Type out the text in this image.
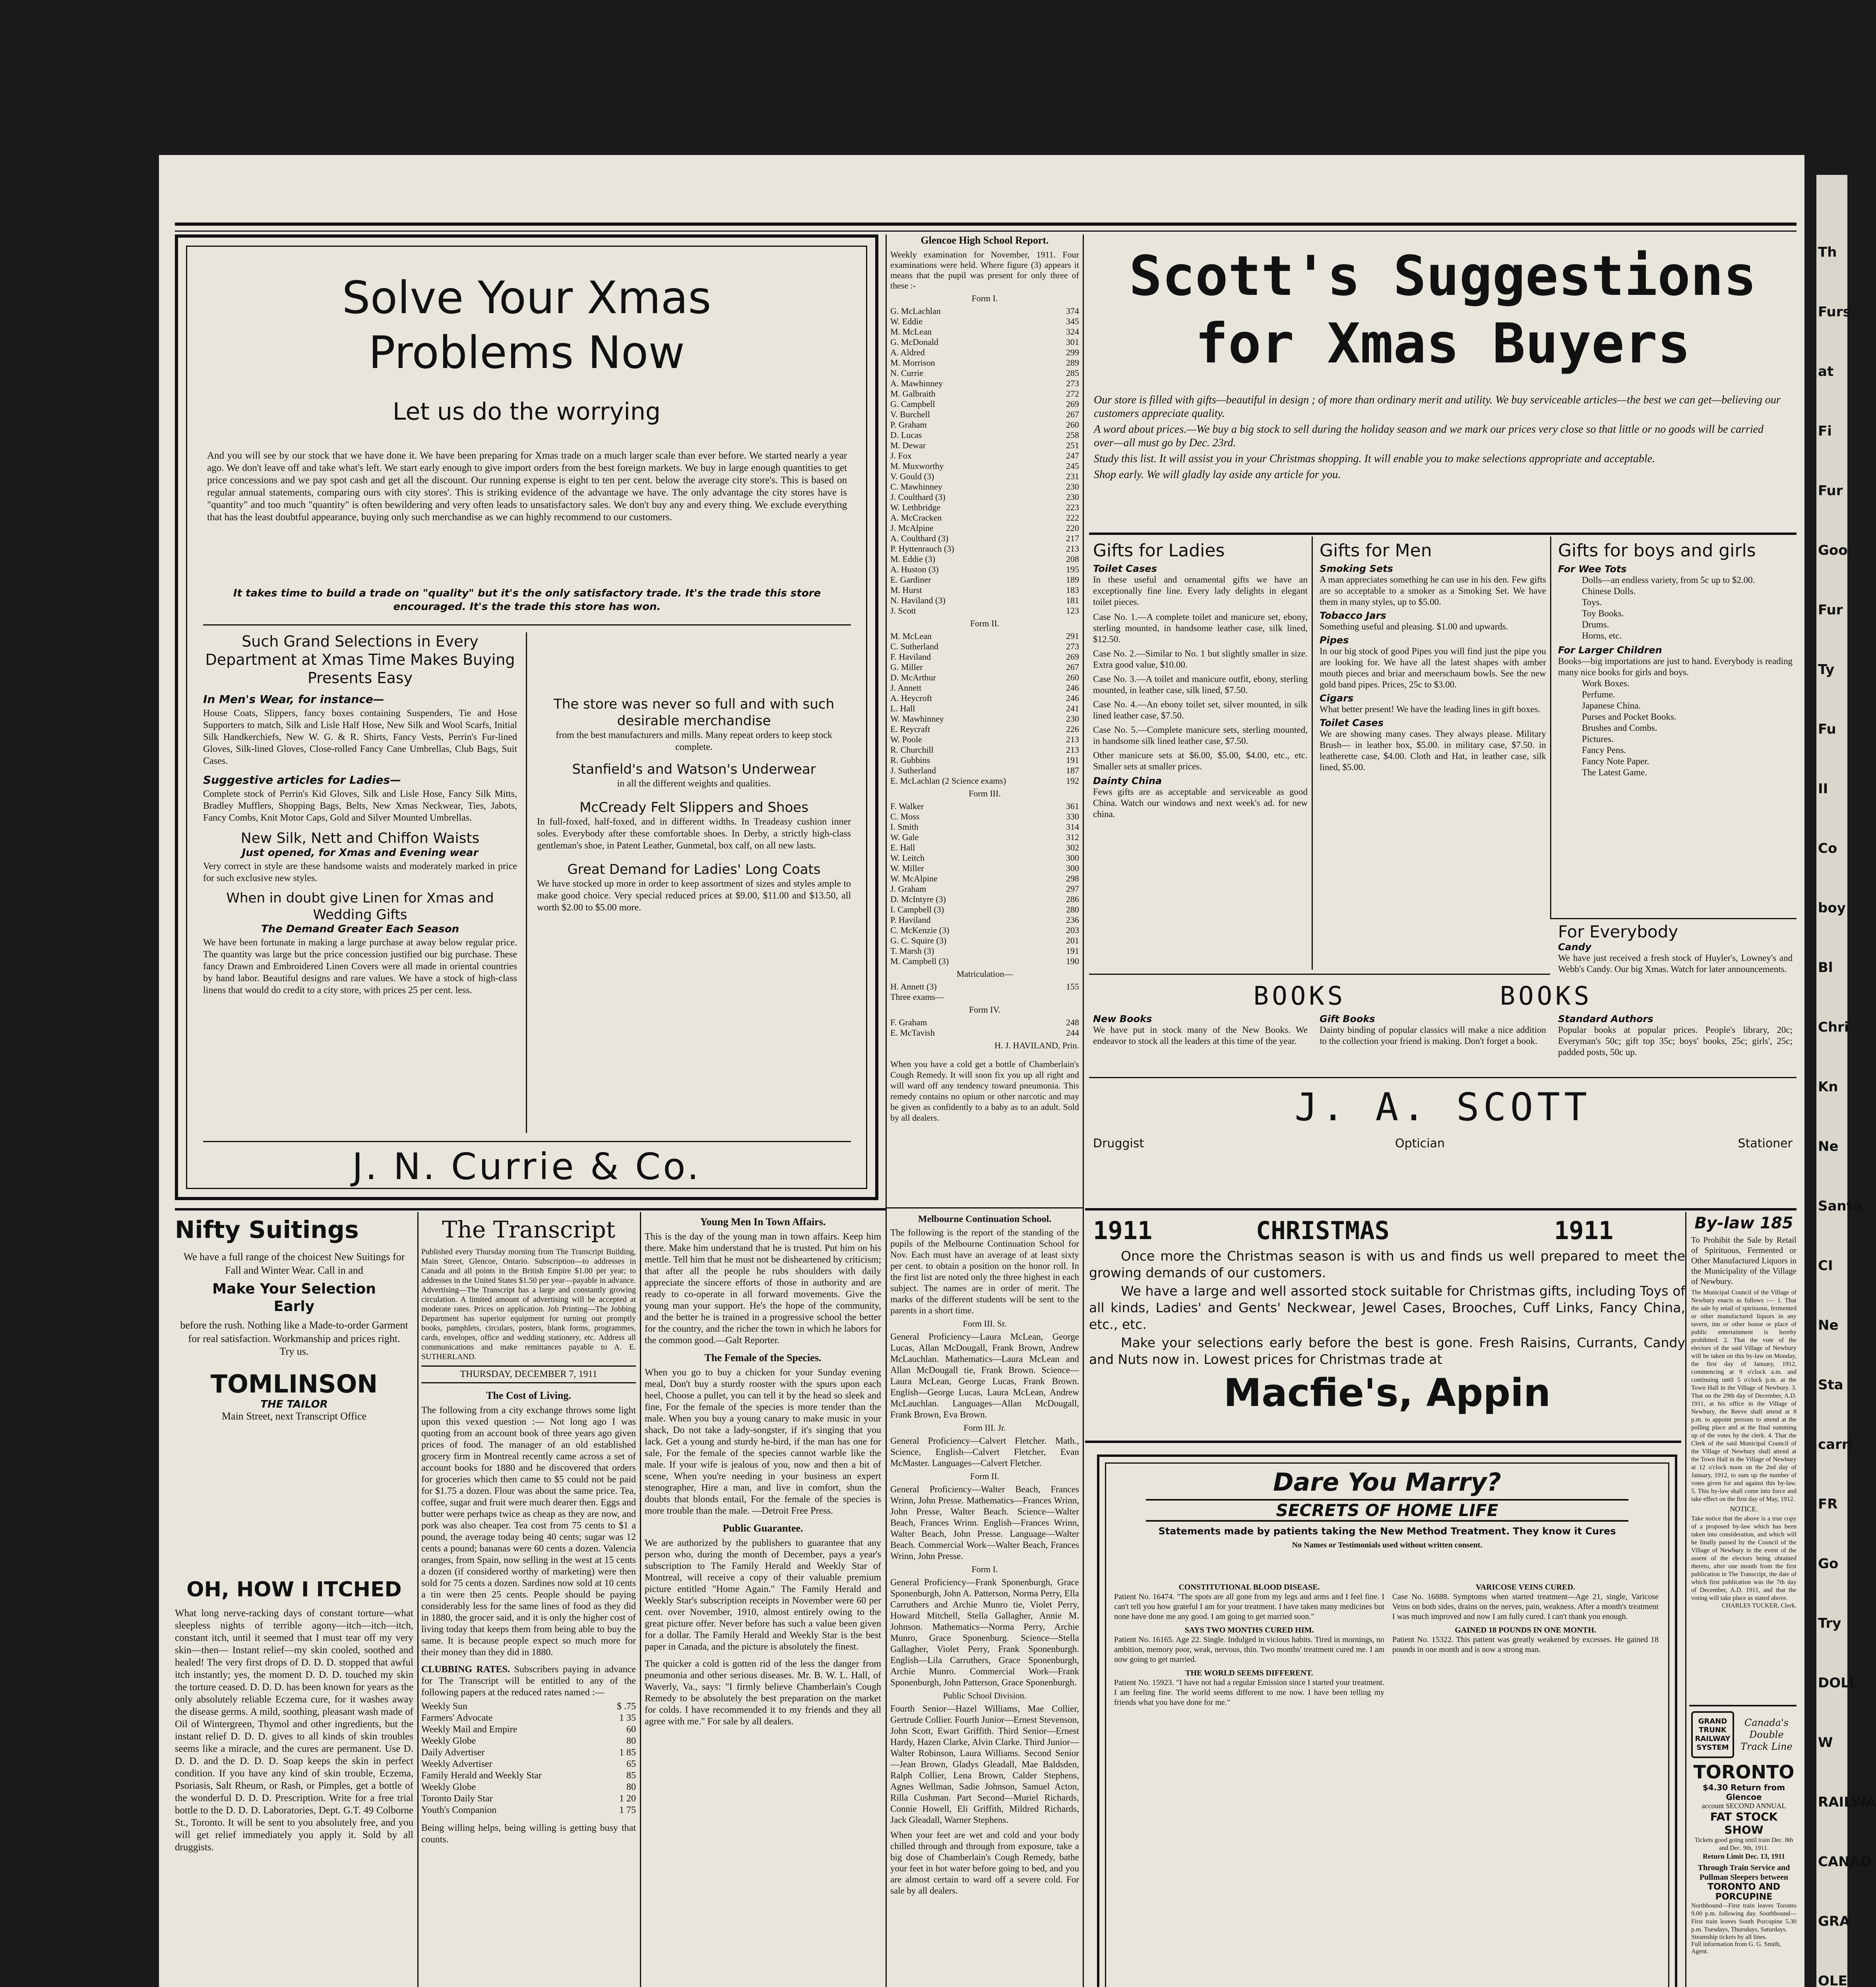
Solve Your Xmas
Problems Now
Let us do the worrying
And you will see by our stock that we have done it. We have been preparing for Xmas trade on a much larger scale than ever before. We started nearly a year ago. We don't leave off and take what's left. We start early enough to give import orders from the best foreign markets. We buy in large enough quantities to get price concessions and we pay spot cash and get all the discount. Our running expense is eight to ten per cent. below the average city store's. This is based on regular annual statements, comparing ours with city stores'. This is striking evidence of the advantage we have. The only advantage the city stores have is "quantity" and too much "quantity" is often bewildering and very often leads to unsatisfactory sales. We don't buy any and every thing. We exclude everything that has the least doubtful appearance, buying only such merchandise as we can highly recommend to our customers.
It takes time to build a trade on "quality" but it's the only satisfactory trade. It's the trade this store encouraged. It's the trade this store has won.
Such Grand Selections in Every Department at Xmas Time Makes Buying Presents Easy
In Men's Wear, for instance—
House Coats, Slippers, fancy boxes containing Suspenders, Tie and Hose Supporters to match, Silk and Lisle Half Hose, New Silk and Wool Scarfs, Initial Silk Handkerchiefs, New W. G. & R. Shirts, Fancy Vests, Perrin's Fur-lined Gloves, Silk-lined Gloves, Close-rolled Fancy Cane Umbrellas, Club Bags, Suit Cases.
Suggestive articles for Ladies—
Complete stock of Perrin's Kid Gloves, Silk and Lisle Hose, Fancy Silk Mitts, Bradley Mufflers, Shopping Bags, Belts, New Xmas Neckwear, Ties, Jabots, Fancy Combs, Knit Motor Caps, Gold and Silver Mounted Umbrellas.
New Silk, Nett and Chiffon Waists
Just opened, for Xmas and Evening wear
Very correct in style are these handsome waists and moderately marked in price for such exclusive new styles.
When in doubt give Linen for Xmas and Wedding Gifts
The Demand Greater Each Season
We have been fortunate in making a large purchase at away below regular price. The quantity was large but the price concession justified our big purchase. These fancy Drawn and Embroidered Linen Covers were all made in oriental countries by hand labor. Beautiful designs and rare values. We have a stock of high-class linens that would do credit to a city store, with prices 25 per cent. less.
The store was never so full and with such desirable merchandise
from the best manufacturers and mills. Many repeat orders to keep stock complete.
Stanfield's and Watson's Underwear
in all the different weights and qualities.
McCready Felt Slippers and Shoes
In full-foxed, half-foxed, and in different widths. In Treadeasy cushion inner soles. Everybody after these comfortable shoes. In Derby, a strictly high-class gentleman's shoe, in Patent Leather, Gunmetal, box calf, on all new lasts.
Great Demand for Ladies' Long Coats
We have stocked up more in order to keep assortment of sizes and styles ample to make good choice. Very special reduced prices at $9.00, $11.00 and $13.50, all worth $2.00 to $5.00 more.
J. N. Currie & Co.
Glencoe High School Report.
Weekly examination for November, 1911. Four examinations were held. Where figure (3) appears it means that the pupil was present for only three of these :-
Form I.
G. McLachlan	374
W. Eddie	345
M. McLean	324
G. McDonald	301
A. Aldred	299
M. Morrison	289
N. Currie	285
A. Mawhinney	273
M. Galbraith	272
G. Campbell	269
V. Burchell	267
P. Graham	260
D. Lucas	258
M. Dewar	251
J. Fox	247
M. Muxworthy	245
V. Gould (3)	231
C. Mawhinney	230
J. Coulthard (3)	230
W. Lethbridge	223
A. McCracken	222
J. McAlpine	220
A. Coulthard (3)	217
P. Hyttenrauch (3)	213
M. Eddie (3)	208
A. Huston (3)	195
E. Gardiner	189
M. Hurst	183
N. Haviland (3)	181
J. Scott	123
Form II.
M. McLean	291
C. Sutherland	273
F. Haviland	269
G. Miller	267
D. McArthur	260
J. Annett	246
A. Heycroft	246
L. Hall	241
W. Mawhinney	230
E. Reycraft	226
W. Poole	213
R. Churchill	213
R. Gubbins	191
J. Sutherland	187
E. McLachlan (2 Science exams)	192
Form III.
F. Walker	361
C. Moss	330
I. Smith	314
W. Gale	312
E. Hall	302
W. Leitch	300
W. Miller	300
W. McAlpine	298
J. Graham	297
D. McIntyre (3)	286
I. Campbell (3)	280
P. Haviland	236
C. McKenzie (3)	203
G. C. Squire (3)	201
T. Marsh (3)	191
M. Campbell (3)	190
Matriculation—
H. Annett (3)	155
Three exams—
Form IV.
F. Graham	248
E. McTavish	244
H. J. HAVILAND, Prin.
When you have a cold get a bottle of Chamberlain's Cough Remedy. It will soon fix you up all right and will ward off any tendency toward pneumonia. This remedy contains no opium or other narcotic and may be given as confidently to a baby as to an adult. Sold by all dealers.
Scott's Suggestions
for Xmas Buyers
Our store is filled with gifts—beautiful in design ; of more than ordinary merit and utility. We buy serviceable articles—the best we can get—believing our customers appreciate quality.
A word about prices.—We buy a big stock to sell during the holiday season and we mark our prices very close so that little or no goods will be carried over—all must go by Dec. 23rd.
Study this list. It will assist you in your Christmas shopping. It will enable you to make selections appropriate and acceptable.
Shop early. We will gladly lay aside any article for you.
Gifts for Ladies
Toilet Cases
In these useful and ornamental gifts we have an exceptionally fine line. Every lady delights in elegant toilet pieces.
Case No. 1.—A complete toilet and manicure set, ebony, sterling mounted, in handsome leather case, silk lined, $12.50.
Case No. 2.—Similar to No. 1 but slightly smaller in size. Extra good value, $10.00.
Case No. 3.—A toilet and manicure outfit, ebony, sterling mounted, in leather case, silk lined, $7.50.
Case No. 4.—An ebony toilet set, silver mounted, in silk lined leather case, $7.50.
Case No. 5.—Complete manicure sets, sterling mounted, in handsome silk lined leather case, $7.50.
Other manicure sets at $6.00, $5.00, $4.00, etc., etc. Smaller sets at smaller prices.
Dainty China
Fews gifts are as acceptable and serviceable as good China. Watch our windows and next week's ad. for new china.
Gifts for Men
Smoking Sets
A man appreciates something he can use in his den. Few gifts are so acceptable to a smoker as a Smoking Set. We have them in many styles, up to $5.00.
Tobacco Jars
Something useful and pleasing. $1.00 and upwards.
Pipes
In our big stock of good Pipes you will find just the pipe you are looking for. We have all the latest shapes with amber mouth pieces and briar and meerschaum bowls. See the new gold band pipes. Prices, 25c to $3.00.
Cigars
What better present! We have the leading lines in gift boxes.
Toilet Cases
We are showing many cases. They always please. Military Brush— in leather box, $5.00. in military case, $7.50. in leatherette case, $4.00. Cloth and Hat, in leather case, silk lined, $5.00.
Gifts for boys and girls
For Wee Tots
Dolls—an endless variety, from 5c up to $2.00.
Chinese Dolls.
Toys.
Toy Books.
Drums.
Horns, etc.
For Larger Children
Books—big importations are just to hand. Everybody is reading many nice books for girls and boys.
Work Boxes.
Perfume.
Japanese China.
Purses and Pocket Books.
Brushes and Combs.
Pictures.
Fancy Pens.
Fancy Note Paper.
The Latest Game.
For Everybody
Candy
We have just received a fresh stock of Huyler's, Lowney's and Webb's Candy. Our big Xmas. Watch for later announcements.
BOOKS	BOOKS
New Books
We have put in stock many of the New Books. We endeavor to stock all the leaders at this time of the year.
Gift Books
Dainty binding of popular classics will make a nice addition to the collection your friend is making. Don't forget a book.
Standard Authors
Popular books at popular prices. People's library, 20c; Everyman's 50c; gift top 35c; boys' books, 25c; girls', 25c; padded posts, 50c up.
J. A. SCOTT
Druggist	Optician	Stationer
Nifty Suitings
We have a full range of the choicest New Suitings for Fall and Winter Wear. Call in and
Make Your Selection Early
before the rush. Nothing like a Made-to-order Garment for real satisfaction. Workmanship and prices right.
Try us.
TOMLINSON
THE TAILOR
Main Street, next Transcript Office
OH, HOW I ITCHED
What long nerve-racking days of constant torture—what sleepless nights of terrible agony—itch—itch—itch, constant itch, until it seemed that I must tear off my very skin—then— Instant relief—my skin cooled, soothed and healed! The very first drops of D. D. D. stopped that awful itch instantly; yes, the moment D. D. D. touched my skin the torture ceased. D. D. D. has been known for years as the only absolutely reliable Eczema cure, for it washes away the disease germs. A mild, soothing, pleasant wash made of Oil of Wintergreen, Thymol and other ingredients, but the instant relief D. D. D. gives to all kinds of skin troubles seems like a miracle, and the cures are permanent. Use D. D. D. and the D. D. D. Soap keeps the skin in perfect condition. If you have any kind of skin trouble, Eczema, Psoriasis, Salt Rheum, or Rash, or Pimples, get a bottle of the wonderful D. D. D. Prescription. Write for a free trial bottle to the D. D. D. Laboratories, Dept. G.T. 49 Colborne St., Toronto. It will be sent to you absolutely free, and you will get relief immediately you apply it. Sold by all druggists.
The Transcript
Published every Thursday morning from The Transcript Building, Main Street, Glencoe, Ontario. Subscription—to addresses in Canada and all points in the British Empire $1.00 per year; to addresses in the United States $1.50 per year—payable in advance. Advertising—The Transcript has a large and constantly growing circulation. A limited amount of advertising will be accepted at moderate rates. Prices on application. Job Printing—The Jobbing Department has superior equipment for turning out promptly books, pamphlets, circulars, posters, blank forms, programmes, cards, envelopes, office and wedding stationery, etc. Address all communications and make remittances payable to A. E. SUTHERLAND.
THURSDAY, DECEMBER 7, 1911
The Cost of Living.
The following from a city exchange throws some light upon this vexed question :— Not long ago I was quoting from an account book of three years ago given prices of food. The manager of an old established grocery firm in Montreal recently came across a set of account books for 1880 and he discovered that orders for groceries which then came to $5 could not be paid for $1.75 a dozen. Flour was about the same price. Tea, coffee, sugar and fruit were much dearer then. Eggs and butter were perhaps twice as cheap as they are now, and pork was also cheaper. Tea cost from 75 cents to $1 a pound, the average today being 40 cents; sugar was 12 cents a pound; bananas were 60 cents a dozen. Valencia oranges, from Spain, now selling in the west at 15 cents a dozen (if considered worthy of marketing) were then sold for 75 cents a dozen. Sardines now sold at 10 cents a tin were then 25 cents. People should be paying considerably less for the same lines of food as they did in 1880, the grocer said, and it is only the higher cost of living today that keeps them from being able to buy the same. It is because people expect so much more for their money than they did in 1880.
CLUBBING RATES. Subscribers paying in advance for The Transcript will be entitled to any of the following papers at the reduced rates named :—
Weekly Sun	$ .75
Farmers' Advocate	1 35
Weekly Mail and Empire	60
Weekly Globe	80
Daily Advertiser	1 85
Weekly Advertiser	65
Family Herald and Weekly Star	85
Weekly Globe	80
Toronto Daily Star	1 20
Youth's Companion	1 75
Being willing helps, being willing is getting busy that counts.
Young Men In Town Affairs.
This is the day of the young man in town affairs. Keep him there. Make him understand that he is trusted. Put him on his mettle. Tell him that he must not be disheartened by criticism; that after all the people he rubs shoulders with daily appreciate the sincere efforts of those in authority and are ready to co-operate in all forward movements. Give the young man your support. He's the hope of the community, and the better he is trained in a progressive school the better for the country, and the richer the town in which he labors for the common good.—Galt Reporter.
The Female of the Species.
When you go to buy a chicken for your Sunday evening meal, Don't buy a sturdy rooster with the spurs upon each heel, Choose a pullet, you can tell it by the head so sleek and fine, For the female of the species is more tender than the male. When you buy a young canary to make music in your shack, Do not take a lady-songster, if it's singing that you lack. Get a young and sturdy he-bird, if the man has one for sale, For the female of the species cannot warble like the male. If your wife is jealous of you, now and then a bit of scene, When you're needing in your business an expert stenographer, Hire a man, and live in comfort, shun the doubts that blonds entail, For the female of the species is more trouble than the male. —Detroit Free Press.
Public Guarantee.
We are authorized by the publishers to guarantee that any person who, during the month of December, pays a year's subscription to The Family Herald and Weekly Star of Montreal, will receive a copy of their valuable premium picture entitled "Home Again." The Family Herald and Weekly Star's subscription receipts in November were 60 per cent. over November, 1910, almost entirely owing to the great picture offer. Never before has such a value been given for a dollar. The Family Herald and Weekly Star is the best paper in Canada, and the picture is absolutely the finest.
The quicker a cold is gotten rid of the less the danger from pneumonia and other serious diseases. Mr. B. W. L. Hall, of Waverly, Va., says: "I firmly believe Chamberlain's Cough Remedy to be absolutely the best preparation on the market for colds. I have recommended it to my friends and they all agree with me." For sale by all dealers.
Melbourne Continuation School.
The following is the report of the standing of the pupils of the Melbourne Continuation School for Nov. Each must have an average of at least sixty per cent. to obtain a position on the honor roll. In the first list are noted only the three highest in each subject. The names are in order of merit. The marks of the different students will be sent to the parents in a short time.
Form III. Sr.
General Proficiency—Laura McLean, George Lucas, Allan McDougall, Frank Brown, Andrew McLauchlan. Mathematics—Laura McLean and Allan McDougall tie, Frank Brown. Science—Laura McLean, George Lucas, Frank Brown. English—George Lucas, Laura McLean, Andrew McLauchlan. Languages—Allan McDougall, Frank Brown, Eva Brown.
Form III. Jr.
General Proficiency—Calvert Fletcher. Math., Science, English—Calvert Fletcher, Evan McMaster. Languages—Calvert Fletcher.
Form II.
General Proficiency—Walter Beach, Frances Wrinn, John Presse. Mathematics—Frances Wrinn, John Presse, Walter Beach. Science—Walter Beach, Frances Wrinn. English—Frances Wrinn, Walter Beach, John Presse. Language—Walter Beach. Commercial Work—Walter Beach, Frances Wrinn, John Presse.
Form I.
General Proficiency—Frank Sponenburgh, Grace Sponenburgh, John A. Patterson, Norma Perry, Ella Carruthers and Archie Munro tie, Violet Perry, Howard Mitchell, Stella Gallagher, Annie M. Johnson. Mathematics—Norma Perry, Archie Munro, Grace Sponenburg. Science—Stella Gallagher, Violet Perry, Frank Sponenburgh. English—Lila Carruthers, Grace Sponenburgh, Archie Munro. Commercial Work—Frank Sponenburgh, John Patterson, Grace Sponenburgh.
Public School Division.
Fourth Senior—Hazel Williams, Mae Collier, Gertrude Collier. Fourth Junior—Ernest Stevenson, John Scott, Ewart Griffith. Third Senior—Ernest Hardy, Hazen Clarke, Alvin Clarke. Third Junior—Walter Robinson, Laura Williams. Second Senior—Jean Brown, Gladys Gleadall, Mae Baldsden, Ralph Collier, Lena Brown, Calder Stephens, Agnes Wellman, Sadie Johnson, Samuel Acton, Rilla Cushman. Part Second—Muriel Richards, Connie Howell, Eli Griffith, Mildred Richards, Jack Gleadall, Warner Stephens.
When your feet are wet and cold and your body chilled through and through from exposure, take a big dose of Chamberlain's Cough Remedy, bathe your feet in hot water before going to bed, and you are almost certain to ward off a severe cold. For sale by all dealers.
1911	CHRISTMAS	1911
Once more the Christmas season is with us and finds us well prepared to meet the growing demands of our customers.
We have a large and well assorted stock suitable for Christmas gifts, including Toys of all kinds, Ladies' and Gents' Neckwear, Jewel Cases, Brooches, Cuff Links, Fancy China, etc., etc.
Make your selections early before the best is gone. Fresh Raisins, Currants, Candy and Nuts now in. Lowest prices for Christmas trade at
Macfie's, Appin
Dare You Marry?
SECRETS OF HOME LIFE
Statements made by patients taking the New Method Treatment. They know it Cures
No Names or Testimonials used without written consent.
CONSTITUTIONAL BLOOD DISEASE.
Patient No. 16474. "The spots are all gone from my legs and arms and I feel fine. I can't tell you how grateful I am for your treatment. I have taken many medicines but none have done me any good. I am going to get married soon."
SAYS TWO MONTHS CURED HIM.
Patient No. 16165. Age 22. Single. Indulged in vicious habits. Tired in mornings, no ambition, memory poor, weak, nervous, thin. Two months' treatment cured me. I am now going to get married.
THE WORLD SEEMS DIFFERENT.
Patient No. 15923. "I have not had a regular Emission since I started your treatment. I am feeling fine. The world seems different to me now. I have been telling my friends what you have done for me."
VARICOSE VEINS CURED.
Case No. 16888. Symptoms when started treatment—Age 21, single, Varicose Veins on both sides, drains on the nerves, pain, weakness. After a month's treatment I was much improved and now I am fully cured. I can't thank you enough.
GAINED 18 POUNDS IN ONE MONTH.
Patient No. 15322. This patient was greatly weakened by excesses. He gained 18 pounds in one month and is now a strong man.
By-law 185
To Prohibit the Sale by Retail of Spirituous, Fermented or Other Manufactured Liquors in the Municipality of the Village of Newbury.
The Municipal Council of the Village of Newbury enacts as follows :— 1. That the sale by retail of spirituous, fermented or other manufactured liquors in any tavern, inn or other house or place of public entertainment is hereby prohibited. 2. That the vote of the electors of the said Village of Newbury will be taken on this by-law on Monday, the first day of January, 1912, commencing at 9 o'clock a.m. and continuing until 5 o'clock p.m. at the Town Hall in the Village of Newbury. 3. That on the 29th day of December, A.D. 1911, at his office in the Village of Newbury, the Reeve shall attend at 8 p.m. to appoint persons to attend at the polling place and at the final summing up of the votes by the clerk. 4. That the Clerk of the said Municipal Council of the Village of Newbury shall attend at the Town Hall in the Village of Newbury at 12 o'clock noon on the 2nd day of January, 1912, to sum up the number of votes given for and against this by-law. 5. This by-law shall come into force and take effect on the first day of May, 1912.
NOTICE.
Take notice that the above is a true copy of a proposed by-law which has been taken into consideration, and which will be finally passed by the Council of the Village of Newbury in the event of the assent of the electors being obtained thereto, after one month from the first publication in The Transcript, the date of which first publication was the 7th day of December, A.D. 1911, and that the voting will take place as stated above.
CHARLES TUCKER, Clerk.
GRAND
TRUNK
RAILWAY
SYSTEM
Canada's Double Track Line
TORONTO
$4.30 Return from Glencoe
account SECOND ANNUAL
FAT STOCK SHOW
Tickets good going until train Dec. 8th and Dec. 9th, 1911.
Return Limit Dec. 13, 1911
Through Train Service and Pullman Sleepers between
TORONTO AND PORCUPINE
Northbound—First train leaves Toronto 9.00 p.m. following day. Southbound—First train leaves South Porcupine 5.30 p.m. Tuesdays, Thursdays, Saturdays.
Steamship tickets by all lines.
Full information from G. G. Smith, Agent.
Th
Furs at
Fi
Fur
Goo
Fur
Ty
Fu
II
Co
boy
Bl
Chri
Kn
Ne
Santa
CI
Ne
Sta
carri
FR
Go
Try
DOLL
W
RAILWA
CANAD
GRA
OLE
